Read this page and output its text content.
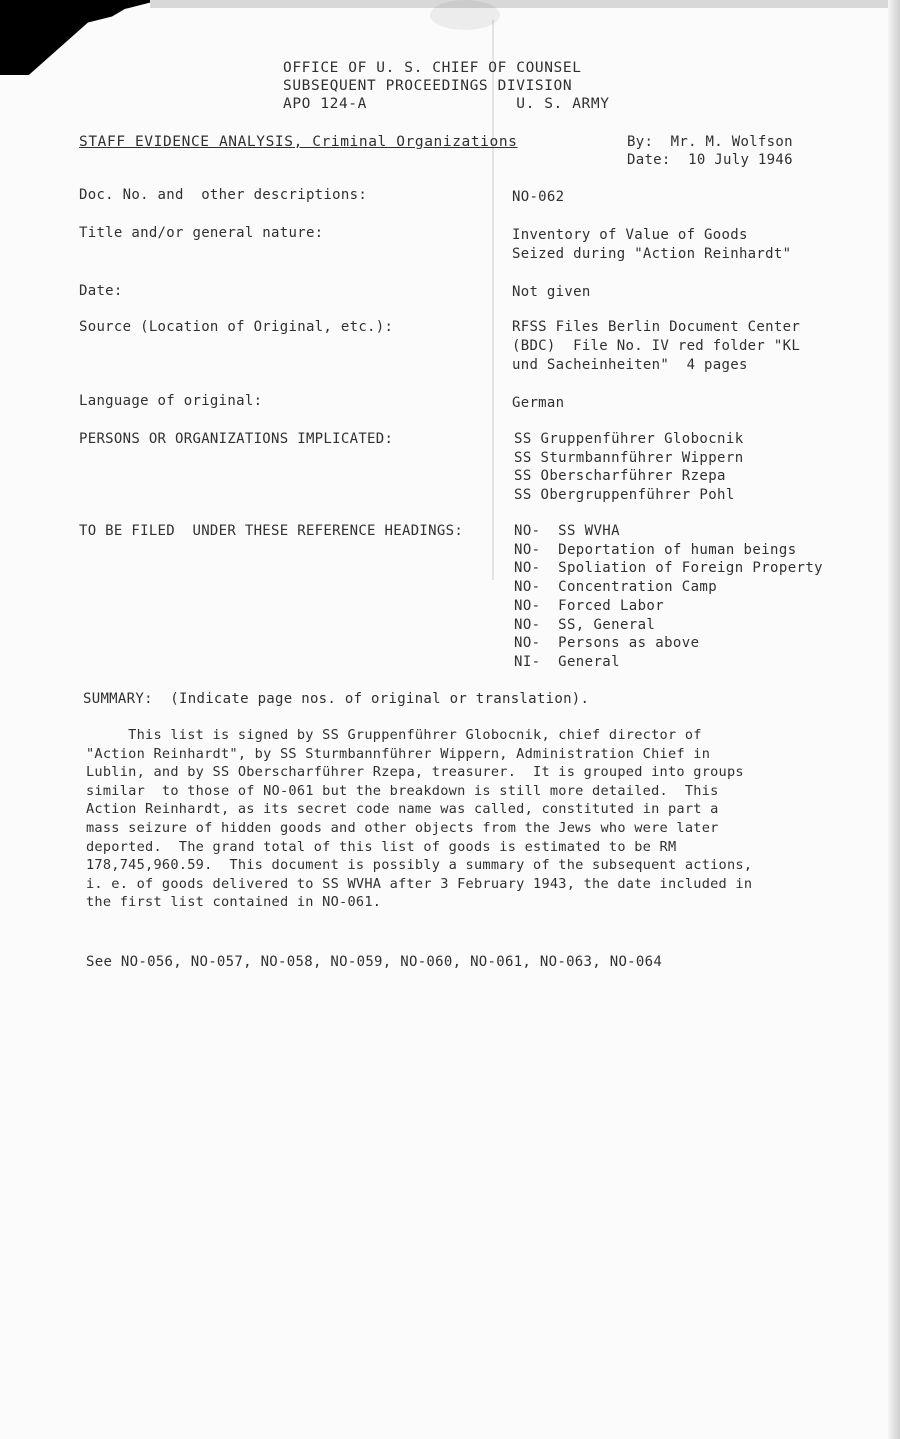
OFFICE OF U. S. CHIEF OF COUNSEL
SUBSEQUENT PROCEEDINGS DIVISION
APO 124-A                U. S. ARMY
STAFF EVIDENCE ANALYSIS, Criminal Organizations	By:  Mr. M. Wolfson
Date:  10 July 1946
Doc. No. and  other descriptions:	NO-062
Title and/or general nature:	Inventory of Value of Goods
Seized during "Action Reinhardt"
Date:	Not given
Source (Location of Original, etc.):	RFSS Files Berlin Document Center
(BDC)  File No. IV red folder "KL
und Sacheinheiten"  4 pages
Language of original:	German
PERSONS OR ORGANIZATIONS IMPLICATED:	SS Gruppenführer Globocnik
SS Sturmbannführer Wippern
SS Oberscharführer Rzepa
SS Obergruppenführer Pohl
TO BE FILED  UNDER THESE REFERENCE HEADINGS:	NO-  SS WVHA
NO-  Deportation of human beings
NO-  Spoliation of Foreign Property
NO-  Concentration Camp
NO-  Forced Labor
NO-  SS, General
NO-  Persons as above
NI-  General
SUMMARY:  (Indicate page nos. of original or translation).

This list is signed by SS Gruppenführer Globocnik, chief director of

"Action Reinhardt", by SS Sturmbannführer Wippern, Administration Chief in

Lublin, and by SS Oberscharführer Rzepa, treasurer.  It is grouped into groups

similar  to those of NO-061 but the breakdown is still more detailed.  This

Action Reinhardt, as its secret code name was called, constituted in part a

mass seizure of hidden goods and other objects from the Jews who were later

deported.  The grand total of this list of goods is estimated to be RM

178,745,960.59.  This document is possibly a summary of the subsequent actions,

i. e. of goods delivered to SS WVHA after 3 February 1943, the date included in

the first list contained in NO-061.

See NO-056, NO-057, NO-058, NO-059, NO-060, NO-061, NO-063, NO-064
